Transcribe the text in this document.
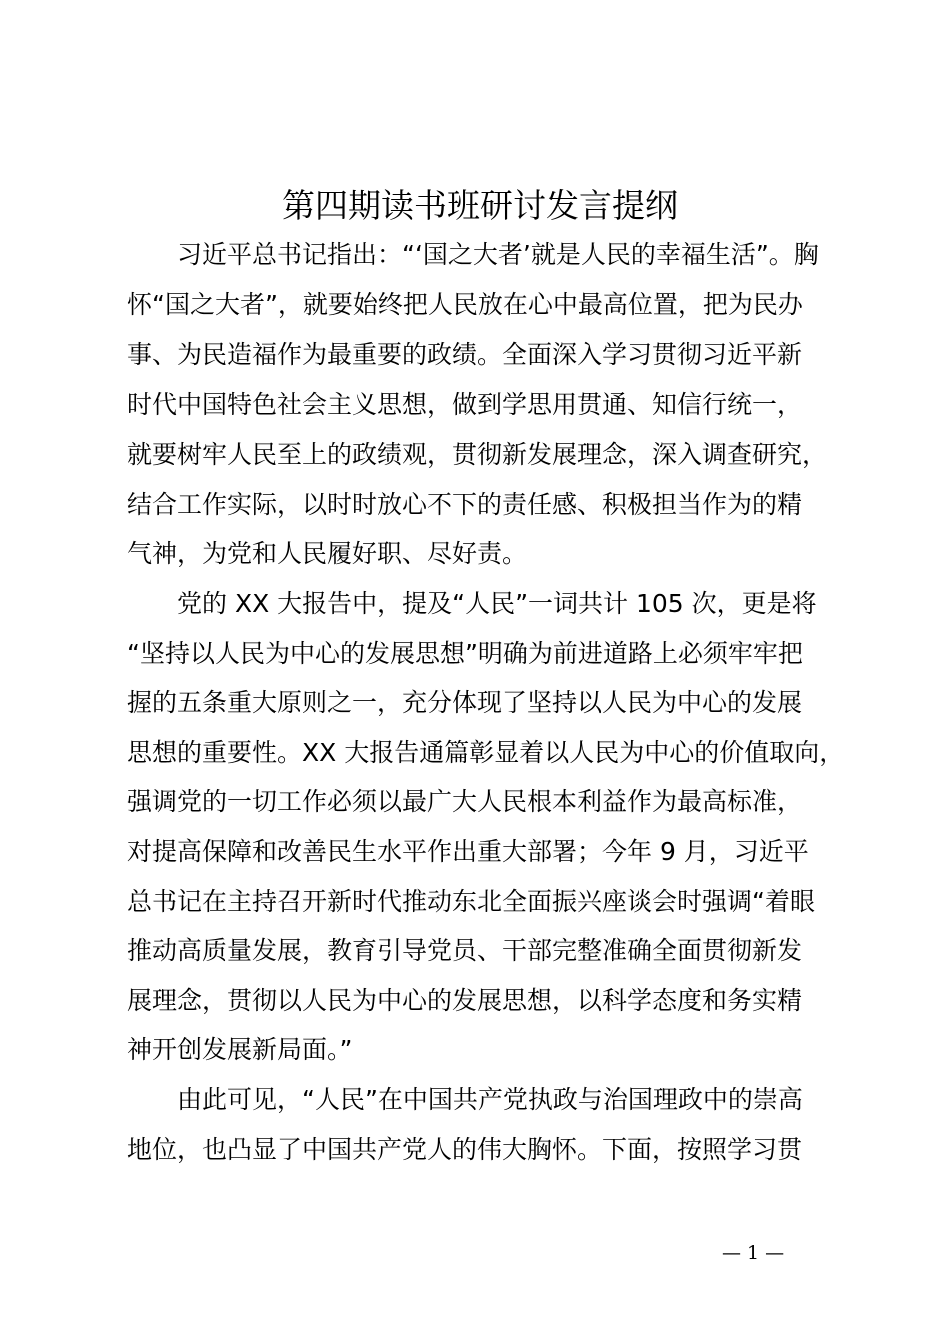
第四期读书班研讨发言提纲
　　习近平总书记指出：“‘国之大者’就是人民的幸福生活”。胸
怀“国之大者”，就要始终把人民放在心中最高位置，把为民办
事、为民造福作为最重要的政绩。全面深入学习贯彻习近平新
时代中国特色社会主义思想，做到学思用贯通、知信行统一，
就要树牢人民至上的政绩观，贯彻新发展理念，深入调查研究，
结合工作实际，以时时放心不下的责任感、积极担当作为的精
气神，为党和人民履好职、尽好责。
　　党的 XX 大报告中，提及“人民”一词共计 105 次，更是将
“坚持以人民为中心的发展思想”明确为前进道路上必须牢牢把
握的五条重大原则之一，充分体现了坚持以人民为中心的发展
思想的重要性。XX 大报告通篇彰显着以人民为中心的价值取向，
强调党的一切工作必须以最广大人民根本利益作为最高标准，
对提高保障和改善民生水平作出重大部署；今年 9 月，习近平
总书记在主持召开新时代推动东北全面振兴座谈会时强调“着眼
推动高质量发展，教育引导党员、干部完整准确全面贯彻新发
展理念，贯彻以人民为中心的发展思想，以科学态度和务实精
神开创发展新局面。”
　　由此可见，“人民”在中国共产党执政与治国理政中的崇高
地位，也凸显了中国共产党人的伟大胸怀。下面，按照学习贯
— 1 —
